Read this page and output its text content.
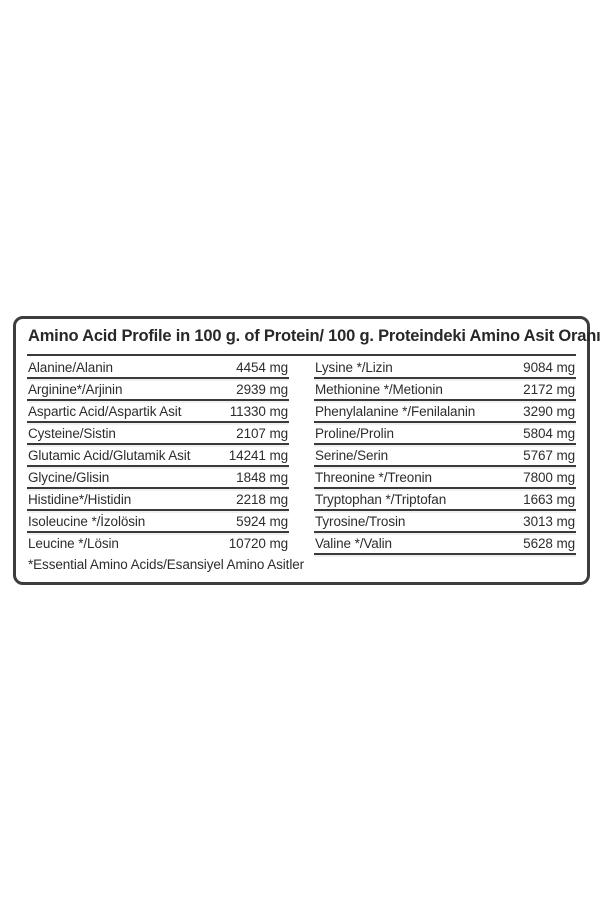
Amino Acid Profile in 100 g. of Protein/ 100 g. Proteindeki Amino Asit Oranı
Alanine/Alanin	4454 mg
Arginine*/Arjinin	2939 mg
Aspartic Acid/Aspartik Asit	11330 mg
Cysteine/Sistin	2107 mg
Glutamic Acid/Glutamik Asit	14241 mg
Glycine/Glisin	1848 mg
Histidine*/Histidin	2218 mg
Isoleucine */İzolösin	5924 mg
Leucine */Lösin	10720 mg
*Essential Amino Acids/Esansiyel Amino Asitler
Lysine */Lizin	9084 mg
Methionine */Metionin	2172 mg
Phenylalanine */Fenilalanin	3290 mg
Proline/Prolin	5804 mg
Serine/Serin	5767 mg
Threonine */Treonin	7800 mg
Tryptophan */Triptofan	1663 mg
Tyrosine/Trosin	3013 mg
Valine */Valin	5628 mg
